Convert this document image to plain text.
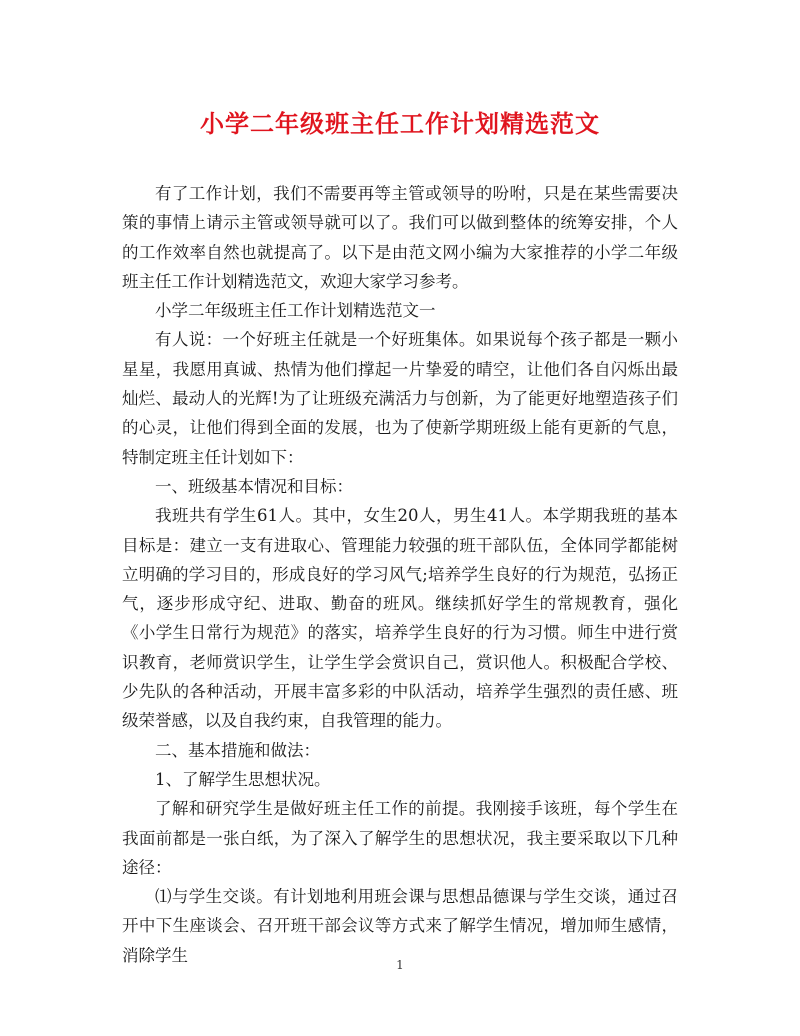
小学二年级班主任工作计划精选范文

有了工作计划，我们不需要再等主管或领导的吩咐，只是在某些需要决策的事情上请示主管或领导就可以了。我们可以做到整体的统筹安排，个人的工作效率自然也就提高了。以下是由范文网小编为大家推荐的小学二年级班主任工作计划精选范文，欢迎大家学习参考。

小学二年级班主任工作计划精选范文一

有人说：一个好班主任就是一个好班集体。如果说每个孩子都是一颗小星星，我愿用真诚、热情为他们撑起一片挚爱的晴空，让他们各自闪烁出最灿烂、最动人的光辉!为了让班级充满活力与创新，为了能更好地塑造孩子们的心灵，让他们得到全面的发展，也为了使新学期班级上能有更新的气息，特制定班主任计划如下：

一、班级基本情况和目标：

我班共有学生61人。其中，女生20人，男生41人。本学期我班的基本目标是：建立一支有进取心、管理能力较强的班干部队伍，全体同学都能树立明确的学习目的，形成良好的学习风气;培养学生良好的行为规范，弘扬正气，逐步形成守纪、进取、勤奋的班风。继续抓好学生的常规教育，强化《小学生日常行为规范》的落实，培养学生良好的行为习惯。师生中进行赏识教育，老师赏识学生，让学生学会赏识自己，赏识他人。积极配合学校、少先队的各种活动，开展丰富多彩的中队活动，培养学生强烈的责任感、班级荣誉感，以及自我约束，自我管理的能力。

二、基本措施和做法：

1、了解学生思想状况。

了解和研究学生是做好班主任工作的前提。我刚接手该班，每个学生在我面前都是一张白纸，为了深入了解学生的思想状况，我主要采取以下几种途径：

⑴与学生交谈。有计划地利用班会课与思想品德课与学生交谈，通过召开中下生座谈会、召开班干部会议等方式来了解学生情况，增加师生感情，消除学生

1
